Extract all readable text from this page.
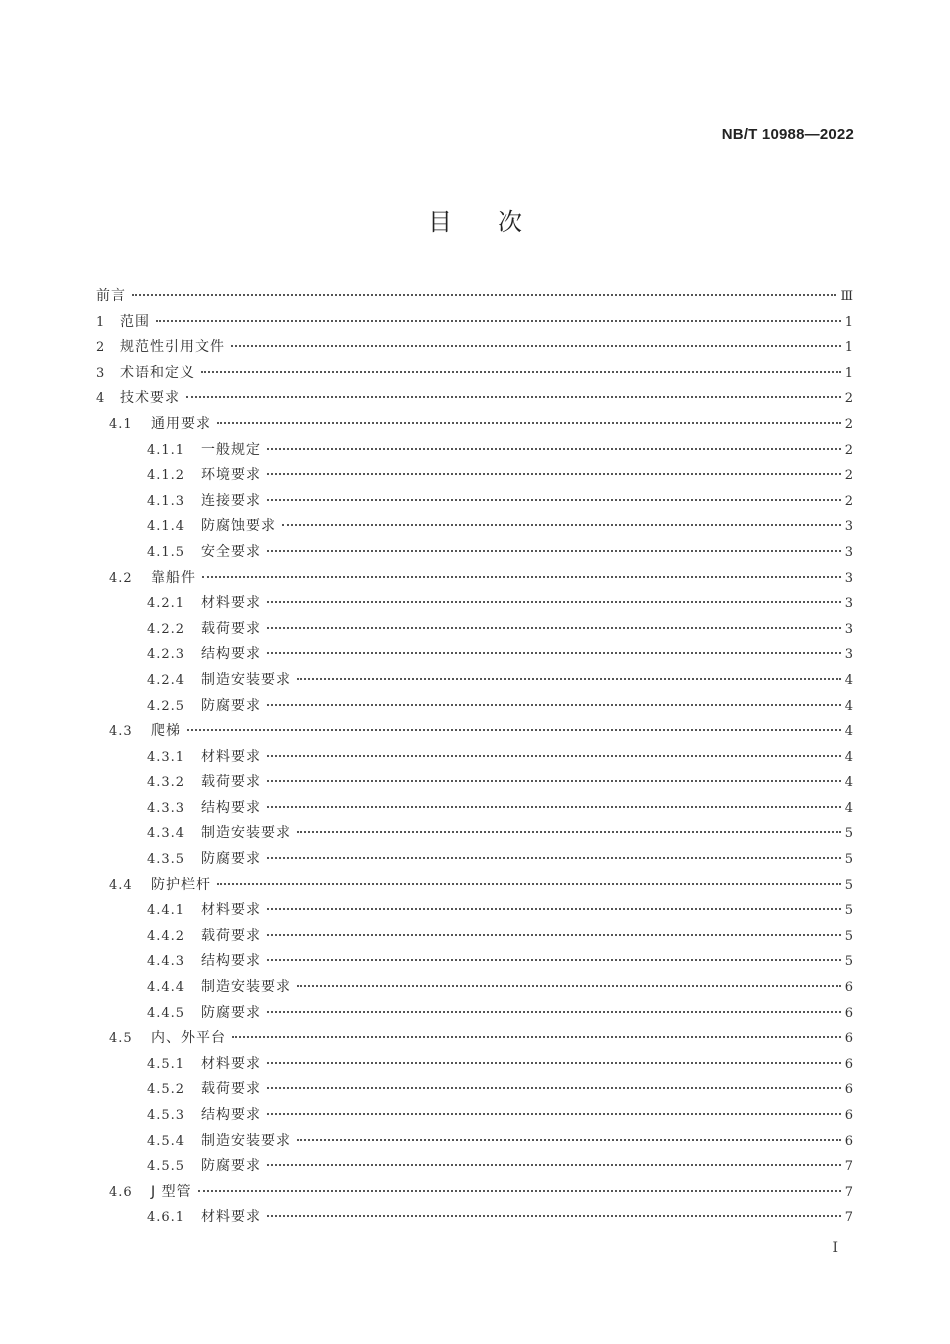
NB/T 10988—2022
目次
前言	Ⅲ
1	范围	1
2	规范性引用文件	1
3	术语和定义	1
4	技术要求	2
4.1	通用要求	2
4.1.1	一般规定	2
4.1.2	环境要求	2
4.1.3	连接要求	2
4.1.4	防腐蚀要求	3
4.1.5	安全要求	3
4.2	靠船件	3
4.2.1	材料要求	3
4.2.2	载荷要求	3
4.2.3	结构要求	3
4.2.4	制造安装要求	4
4.2.5	防腐要求	4
4.3	爬梯	4
4.3.1	材料要求	4
4.3.2	载荷要求	4
4.3.3	结构要求	4
4.3.4	制造安装要求	5
4.3.5	防腐要求	5
4.4	防护栏杆	5
4.4.1	材料要求	5
4.4.2	载荷要求	5
4.4.3	结构要求	5
4.4.4	制造安装要求	6
4.4.5	防腐要求	6
4.5	内、外平台	6
4.5.1	材料要求	6
4.5.2	载荷要求	6
4.5.3	结构要求	6
4.5.4	制造安装要求	6
4.5.5	防腐要求	7
4.6	J 型管	7
4.6.1	材料要求	7
Ⅰ
